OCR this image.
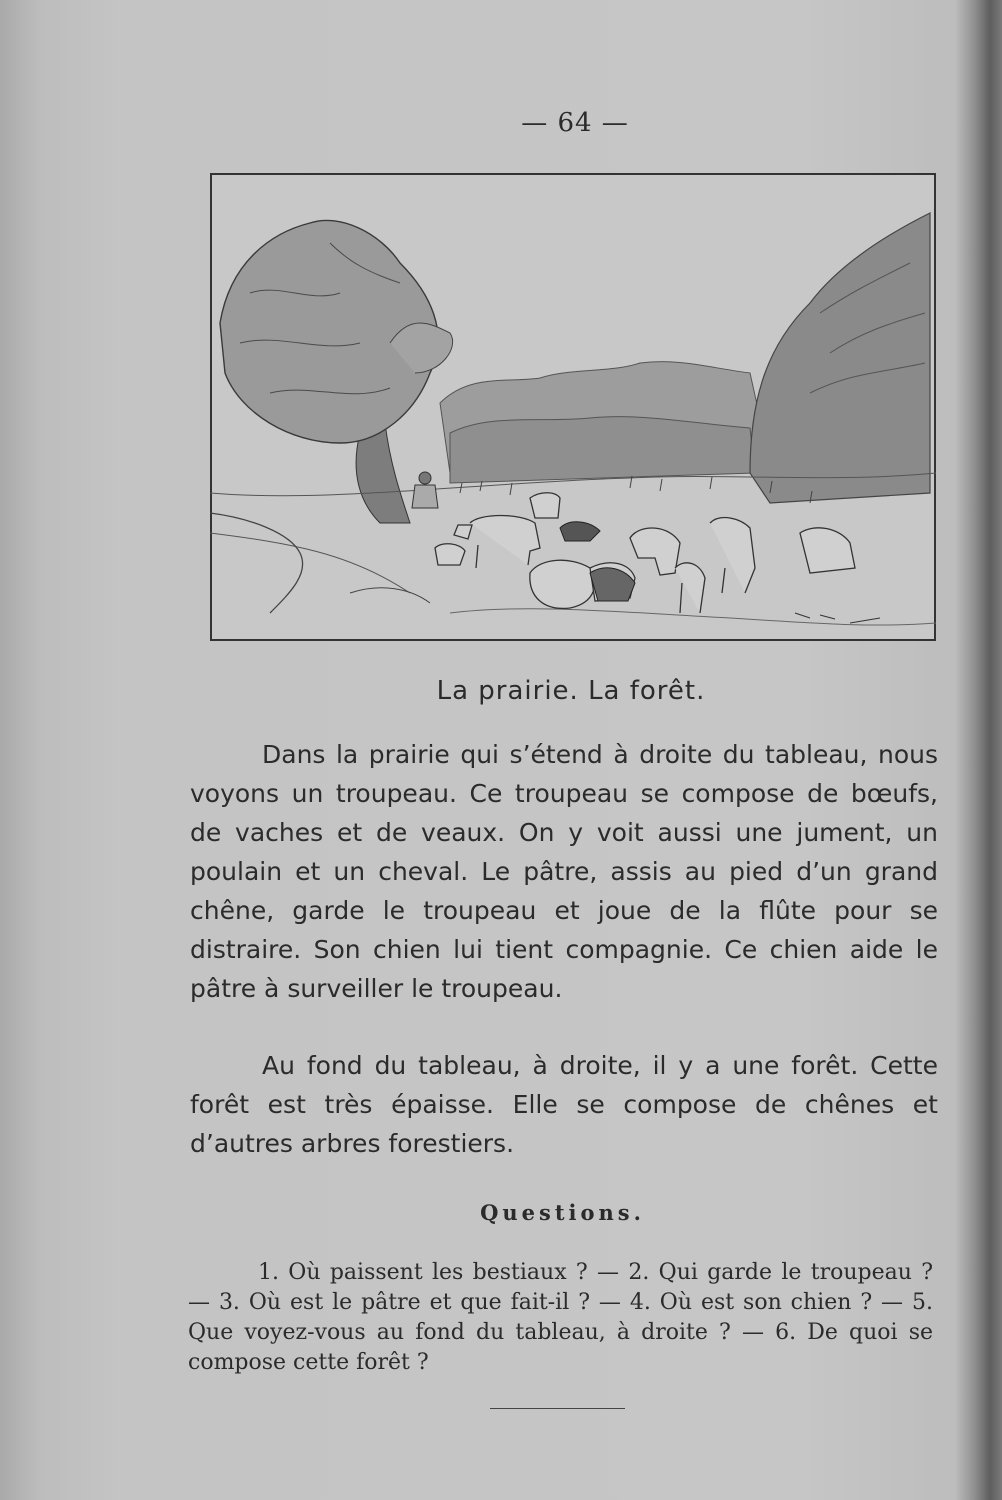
— 64 —
La prairie. La forêt.

Dans la prairie qui s’étend à droite du tableau, nous voyons un troupeau. Ce troupeau se compose de bœufs, de vaches et de veaux. On y voit aussi une jument, un poulain et un cheval. Le pâtre, assis au pied d’un grand chêne, garde le troupeau et joue de la flûte pour se distraire. Son chien lui tient compagnie. Ce chien aide le pâtre à surveiller le troupeau.

Au fond du tableau, à droite, il y a une forêt. Cette forêt est très épaisse. Elle se compose de chênes et d’autres arbres forestiers.

Questions.

1. Où paissent les bestiaux ? — 2. Qui garde le troupeau ? — 3. Où est le pâtre et que fait-il ? — 4. Où est son chien ? — 5. Que voyez-vous au fond du tableau, à droite ? — 6. De quoi se compose cette forêt ?
